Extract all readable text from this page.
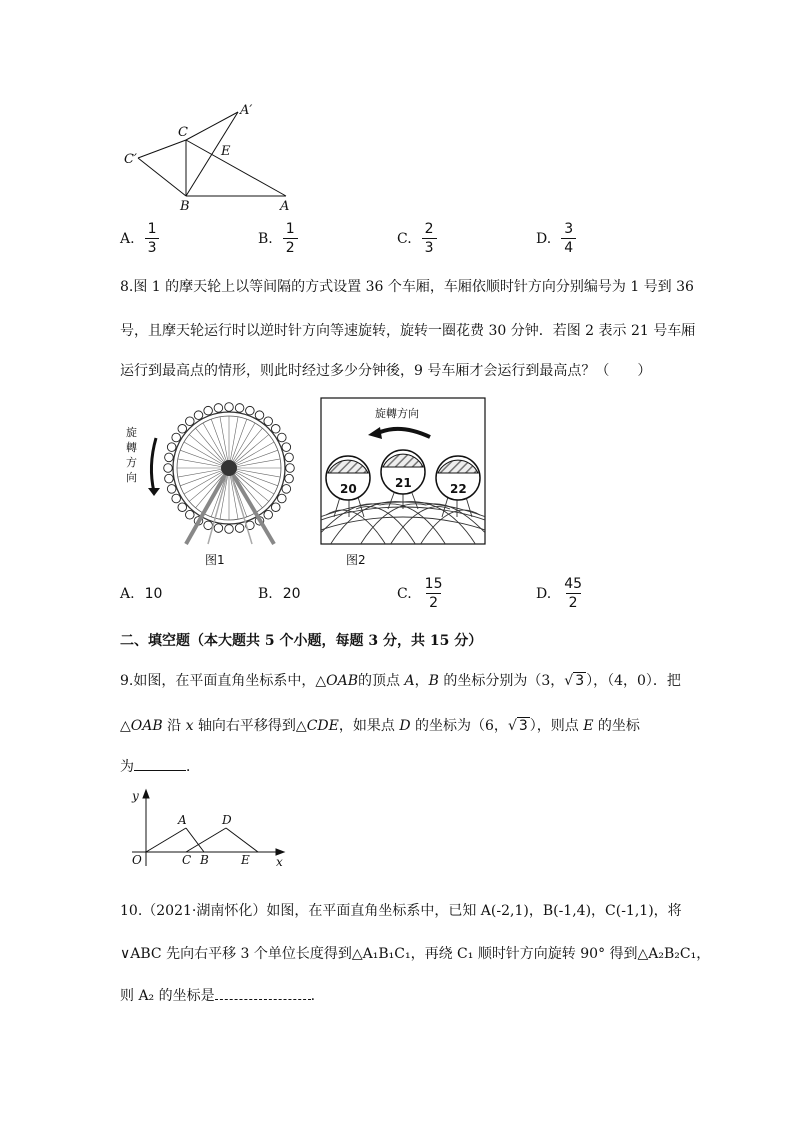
C′
C
A′
E
B	A
A. $\frac{1}{3}$	B. $\frac{1}{2}$	C. $\frac{2}{3}$	D. $\frac{3}{4}$
8.图 1 的摩天轮上以等间隔的方式设置 36 个车厢，车厢依顺时针方向分别编号为 1 号到 36
号，且摩天轮运行时以逆时针方向等速旋转，旋转一圈花费 30 分钟．若图 2 表示 21 号车厢
运行到最高点的情形，则此时经过多少分钟後，9 号车厢才会运行到最高点？（　　）
旋
轉
方
向
图1
旋轉方向
20	21	22
图2
A. 10	B. 20	C. $\frac{15}{2}$	D. $\frac{45}{2}$
二、填空题（本大题共 5 个小题，每题 3 分，共 15 分）
9.如图，在平面直角坐标系中，△OAB的顶点 A，B 的坐标分别为（3，√ 3 ），（4，0）．把
△OAB 沿 x 轴向右平移得到△CDE，如果点 D 的坐标为（6，√ 3 ），则点 E 的坐标
为	．
y
x
O
A	D
C B	E
10.（2021·湖南怀化）如图，在平面直角坐标系中，已知 A(-2,1)，B(-1,4)，C(-1,1)，将
∨ABC 先向右平移 3 个单位长度得到△A₁B₁C₁，再绕 C₁ 顺时针方向旋转 90° 得到△A₂B₂C₁，
则 A₂ 的坐标是	.
